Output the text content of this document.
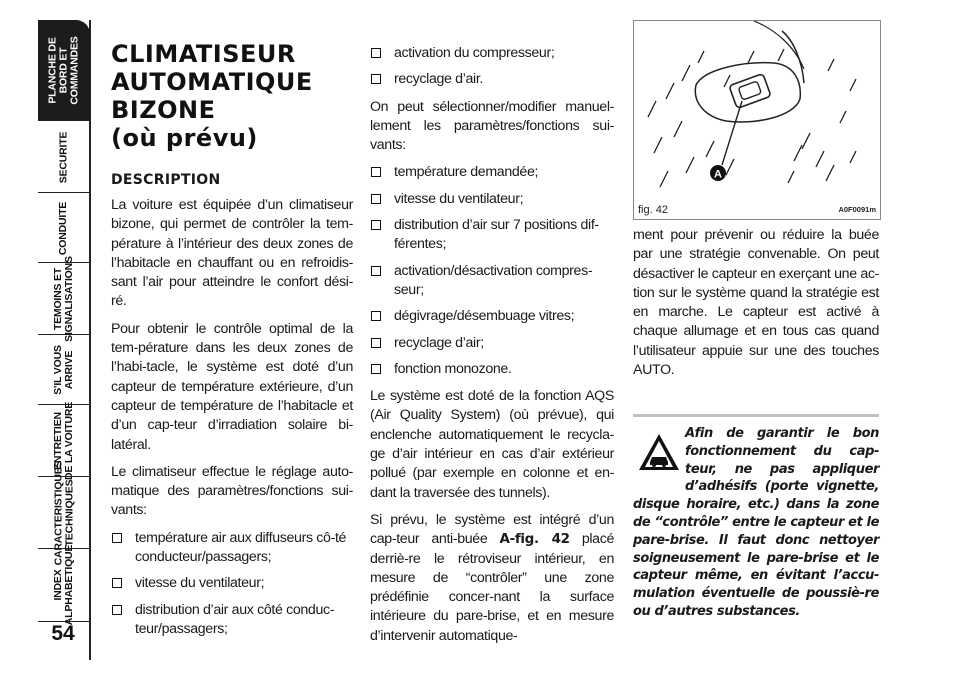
PLANCHE DE
BORD ET
COMMANDES
SECURITE
CONDUITE
TEMOINS ET
SIGNALISATIONS
S'IL VOUS
ARRIVE
ENTRETIEN
DE LA VOITURE
CARACTERISTIQUES
TECHNIQUES
INDEX
ALPHABETIQUE
54
CLIMATISEUR
AUTOMATIQUE
BIZONE
(où prévu)
DESCRIPTION

La voiture est équipée d’un climatiseur bizone, qui permet de contrôler la tem-pérature à l’intérieur des deux zones de l’habitacle en chauffant ou en refroidis-sant l’air pour atteindre le confort dési-ré.

Pour obtenir le contrôle optimal de la tem-pérature dans les deux zones de l’habi-tacle, le système est doté d’un capteur de température extérieure, d’un capteur de température de l’habitacle et d’un cap-teur d’irradiation solaire bi-latéral.

Le climatiseur effectue le réglage auto-matique des paramètres/fonctions sui-vants:

température air aux diffuseurs cô-té conducteur/passagers;
vitesse du ventilateur;
distribution d’air aux côté conduc-teur/passagers;
activation du compresseur;
recyclage d’air.

On peut sélectionner/modifier manuel-lement les paramètres/fonctions sui-vants:

température demandée;
vitesse du ventilateur;
distribution d’air sur 7 positions dif-férentes;
activation/désactivation compres-seur;
dégivrage/désembuage vitres;
recyclage d’air;
fonction monozone.

Le système est doté de la fonction AQS (Air Quality System) (où prévue), qui enclenche automatiquement le recycla-ge d’air intérieur en cas d’air extérieur pollué (par exemple en colonne et en-dant la traversée des tunnels).

Si prévu, le système est intégré d’un cap-teur anti-buée A-fig. 42 placé derriè-re le rétroviseur intérieur, en mesure de “contrôler” une zone prédéfinie concer-nant la surface intérieure du pare-brise, et en mesure d’intervenir automatique-

A
fig. 42	A0F0091m

ment pour prévenir ou réduire la buée par une stratégie convenable. On peut désactiver le capteur en exerçant une ac-tion sur le système quand la stratégie est en marche. Le capteur est activé à chaque allumage et en tous cas quand l’utilisateur appuie sur une des touches AUTO.

Afin de garantir le bon fonctionnement du cap-teur, ne pas appliquer d’adhésifs (porte vignette, disque horaire, etc.) dans la zone de “contrôle” entre le capteur et le pare-brise. Il faut donc nettoyer soigneusement le pare-brise et le capteur même, en évitant l’accu-mulation éventuelle de poussiè-re ou d’autres substances.
